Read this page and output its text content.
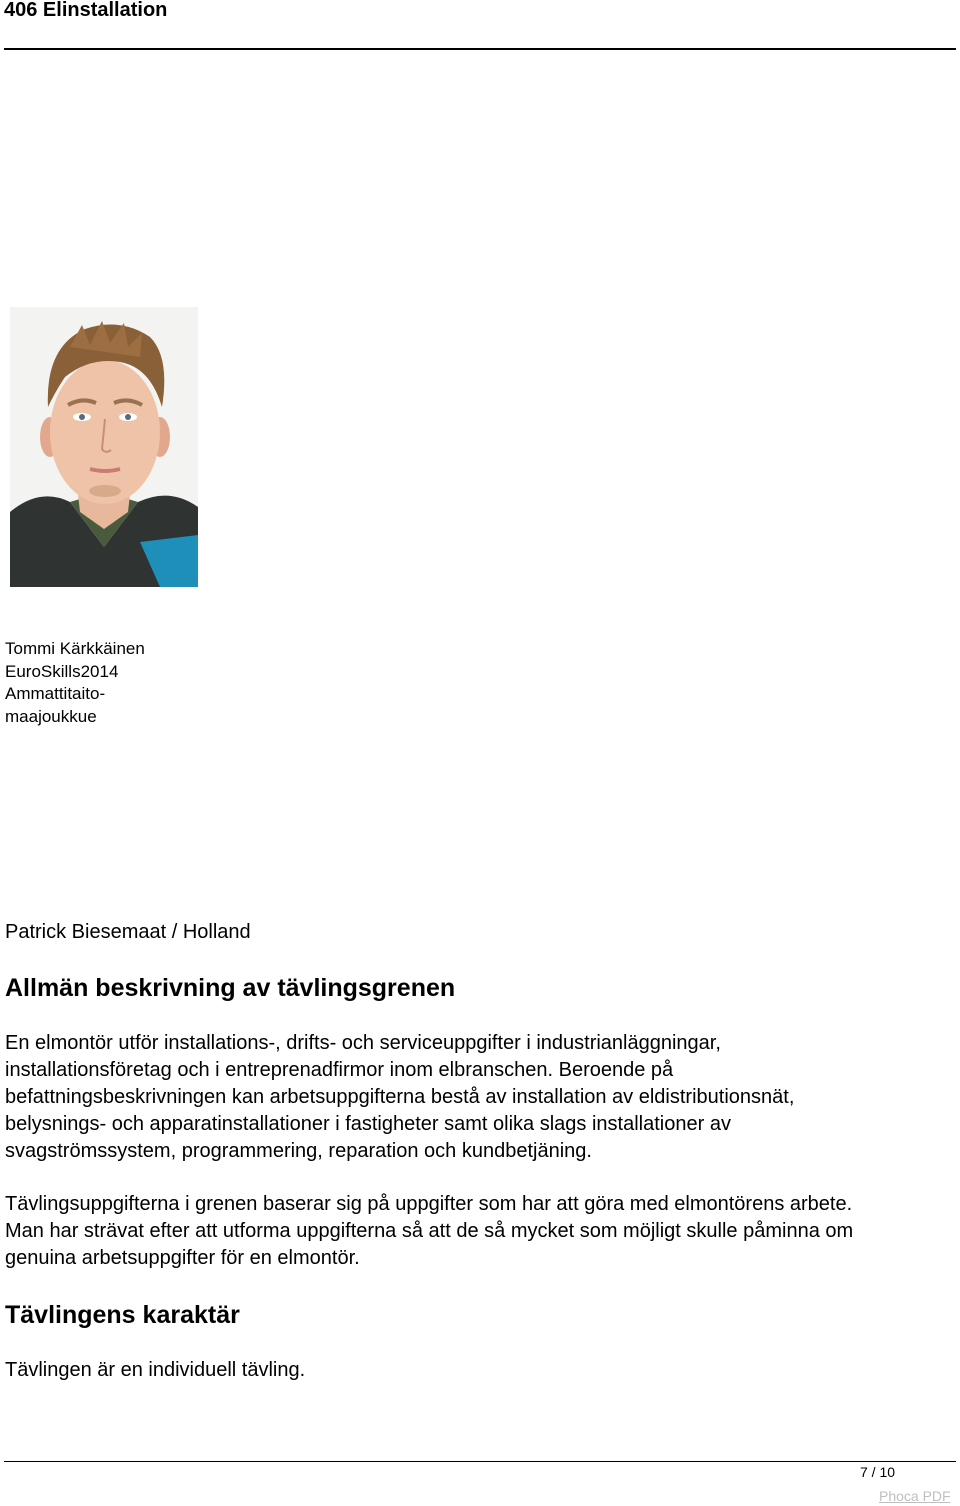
406 Elinstallation
Tommi Kärkkäinen
EuroSkills2014
Ammattitaito-
maajoukkue
Patrick Biesemaat / Holland
Allmän beskrivning av tävlingsgrenen
En elmontör utför installations-, drifts- och serviceuppgifter i industrianläggningar,
installationsföretag och i entreprenadfirmor inom elbranschen. Beroende på
befattningsbeskrivningen kan arbetsuppgifterna bestå av installation av eldistributionsnät,
belysnings- och apparatinstallationer i fastigheter samt olika slags installationer av
svagströmssystem, programmering, reparation och kundbetjäning.
Tävlingsuppgifterna i grenen baserar sig på uppgifter som har att göra med elmontörens arbete.
Man har strävat efter att utforma uppgifterna så att de så mycket som möjligt skulle påminna om
genuina arbetsuppgifter för en elmontör.
Tävlingens karaktär
Tävlingen är en individuell tävling.
7 / 10
Phoca PDF
